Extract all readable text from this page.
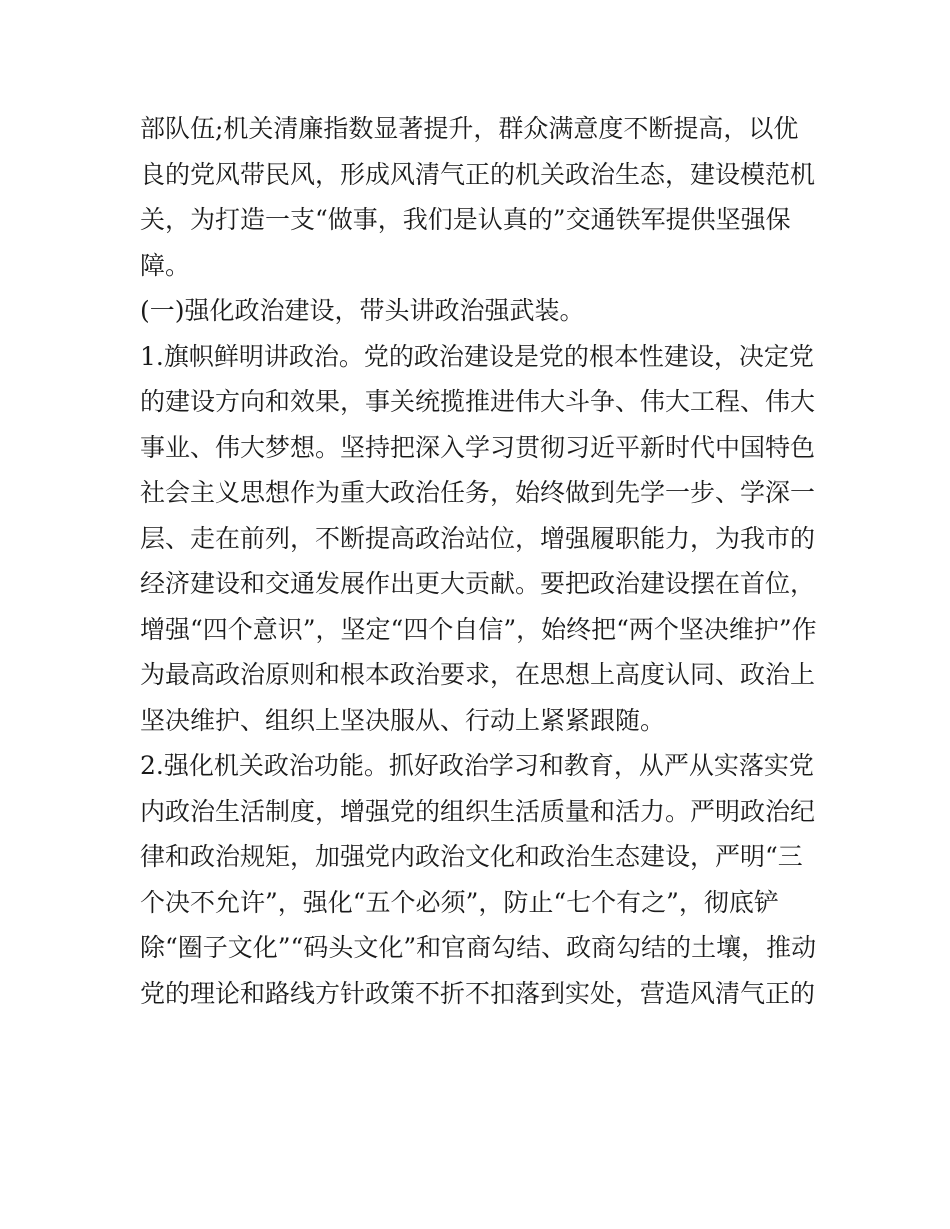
部队伍;机关清廉指数显著提升，群众满意度不断提高，以优
良的党风带民风，形成风清气正的机关政治生态，建设模范机
关，为打造一支“做事，我们是认真的”交通铁军提供坚强保
障。
(一)强化政治建设，带头讲政治强武装。
1.旗帜鲜明讲政治。党的政治建设是党的根本性建设，决定党
的建设方向和效果，事关统揽推进伟大斗争、伟大工程、伟大
事业、伟大梦想。坚持把深入学习贯彻习近平新时代中国特色
社会主义思想作为重大政治任务，始终做到先学一步、学深一
层、走在前列，不断提高政治站位，增强履职能力，为我市的
经济建设和交通发展作出更大贡献。要把政治建设摆在首位，
增强“四个意识”，坚定“四个自信”，始终把“两个坚决维护”作
为最高政治原则和根本政治要求，在思想上高度认同、政治上
坚决维护、组织上坚决服从、行动上紧紧跟随。
2.强化机关政治功能。抓好政治学习和教育，从严从实落实党
内政治生活制度，增强党的组织生活质量和活力。严明政治纪
律和政治规矩，加强党内政治文化和政治生态建设，严明“三
个决不允许”，强化“五个必须”，防止“七个有之”，彻底铲
除“圈子文化”“码头文化”和官商勾结、政商勾结的土壤，推动
党的理论和路线方针政策不折不扣落到实处，营造风清气正的
